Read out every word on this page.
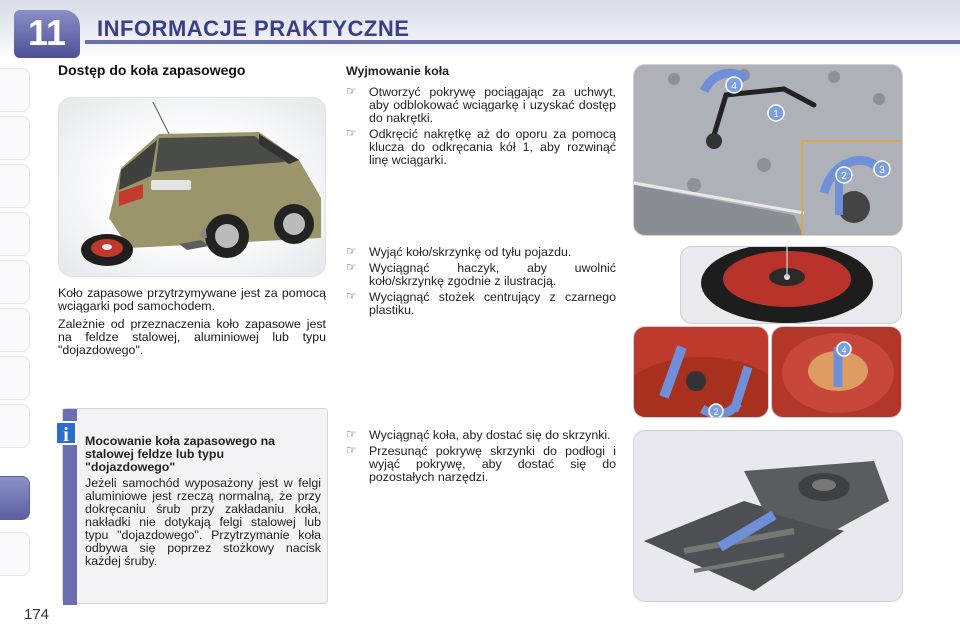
11	INFORMACJE PRAKTYCZNE
174
Dostęp do koła zapasowego
Koło zapasowe przytrzymywane jest za pomocą wciągarki pod samochodem.
Zależnie od przeznaczenia koło zapasowe jest na feldze stalowej, aluminiowej lub typu "dojazdowego".
i	Mocowanie koła zapasowego na stalowej feldze lub typu "dojazdowego"
Jeżeli samochód wyposażony jest w felgi aluminiowe jest rzeczą normalną, że przy dokręcaniu śrub przy zakładaniu koła, nakładki nie dotykają felgi stalowej lub typu "dojazdowego". Przytrzymanie koła odbywa się poprzez stożkowy nacisk każdej śruby.
Wyjmowanie koła
☞ Otworzyć pokrywę pociągając za uchwyt, aby odblokować wciągarkę i uzyskać dostęp do nakrętki.
☞ Odkręcić nakrętkę aż do oporu za pomocą klucza do odkręcania kół 1, aby rozwinąć linę wciągarki.
☞ Wyjąć koło/skrzynkę od tyłu pojazdu.
☞ Wyciągnąć haczyk, aby uwolnić koło/skrzynkę zgodnie z ilustracją.
☞ Wyciągnąć stożek centrujący z czarnego plastiku.
☞ Wyciągnąć koła, aby dostać się do skrzynki.
☞ Przesunąć pokrywę skrzynki do podłogi i wyjąć pokrywę, aby dostać się do pozostałych narzędzi.
4
1
2
3
2
4
